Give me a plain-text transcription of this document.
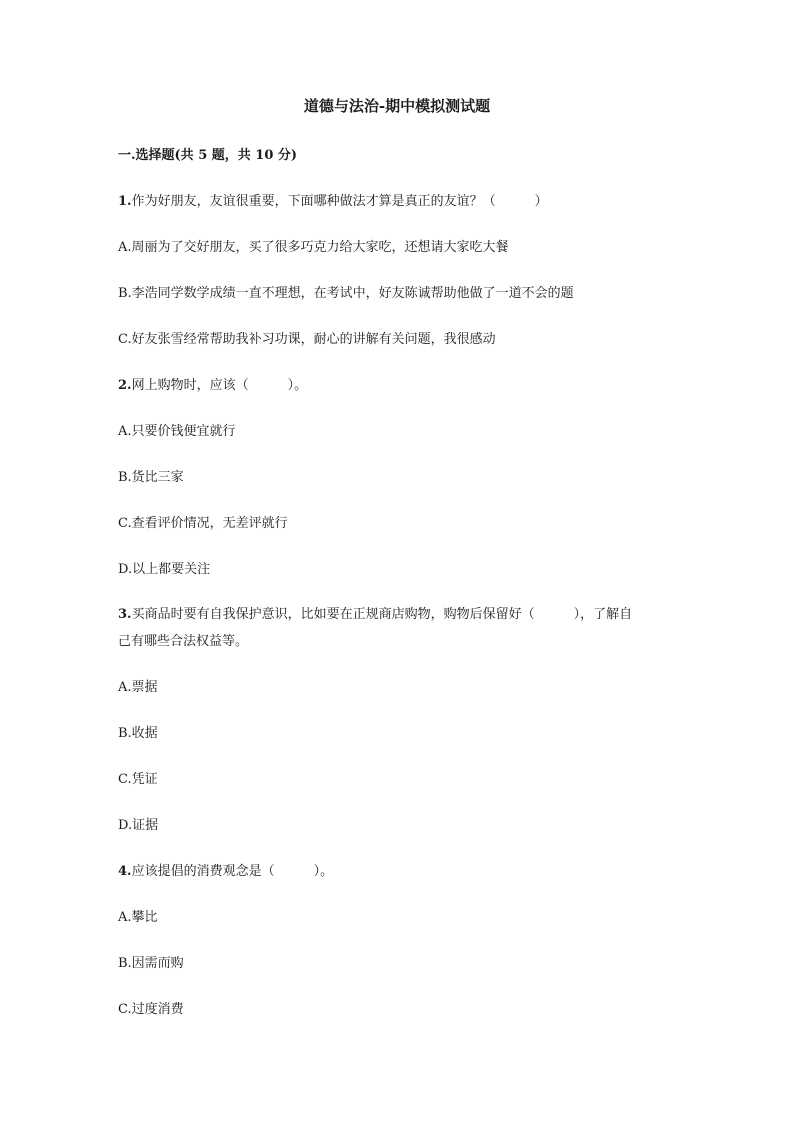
道德与法治-期中模拟测试题
一.选择题(共 5 题，共 10 分)
1.作为好朋友，友谊很重要，下面哪种做法才算是真正的友谊？（　　　）
A.周丽为了交好朋友，买了很多巧克力给大家吃，还想请大家吃大餐
B.李浩同学数学成绩一直不理想，在考试中，好友陈诚帮助他做了一道不会的题
C.好友张雪经常帮助我补习功课，耐心的讲解有关问题，我很感动
2.网上购物时，应该（　　　）。
A.只要价钱便宜就行
B.货比三家
C.查看评价情况，无差评就行
D.以上都要关注
3.买商品时要有自我保护意识，比如要在正规商店购物，购物后保留好（　　　），了解自
己有哪些合法权益等。
A.票据
B.收据
C.凭证
D.证据
4.应该提倡的消费观念是（　　　）。
A.攀比
B.因需而购
C.过度消费
